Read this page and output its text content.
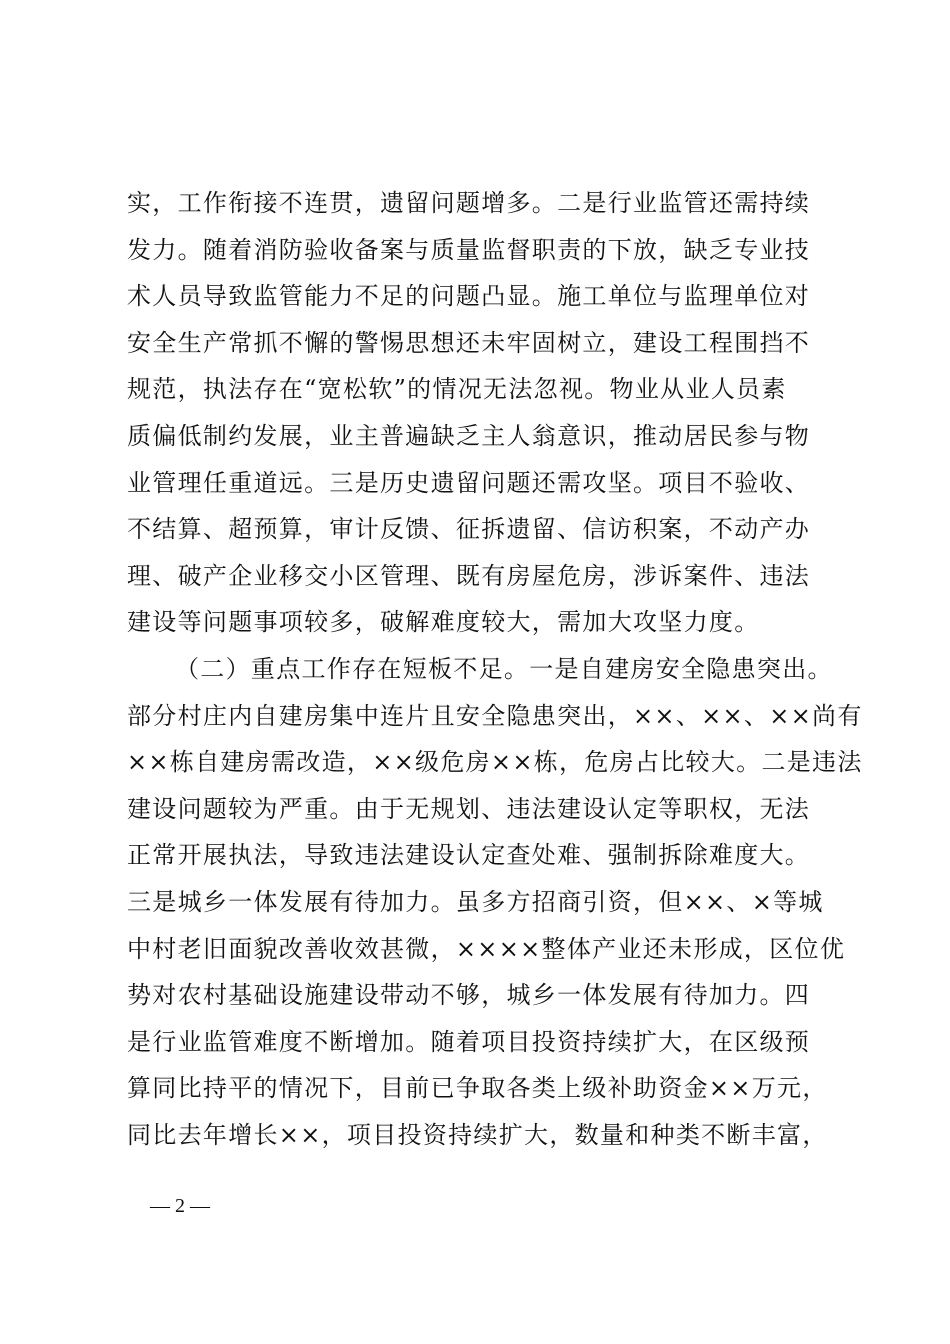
实，工作衔接不连贯，遗留问题增多。二是行业监管还需持续
发力。随着消防验收备案与质量监督职责的下放，缺乏专业技
术人员导致监管能力不足的问题凸显。施工单位与监理单位对
安全生产常抓不懈的警惕思想还未牢固树立，建设工程围挡不
规范，执法存在“宽松软”的情况无法忽视。物业从业人员素
质偏低制约发展，业主普遍缺乏主人翁意识，推动居民参与物
业管理任重道远。三是历史遗留问题还需攻坚。项目不验收、
不结算、超预算，审计反馈、征拆遗留、信访积案，不动产办
理、破产企业移交小区管理、既有房屋危房，涉诉案件、违法
建设等问题事项较多，破解难度较大，需加大攻坚力度。
（二）重点工作存在短板不足。一是自建房安全隐患突出。
部分村庄内自建房集中连片且安全隐患突出，××、××、××尚有
××栋自建房需改造，××级危房××栋，危房占比较大。二是违法
建设问题较为严重。由于无规划、违法建设认定等职权，无法
正常开展执法，导致违法建设认定查处难、强制拆除难度大。
三是城乡一体发展有待加力。虽多方招商引资，但××、×等城
中村老旧面貌改善收效甚微，××××整体产业还未形成，区位优
势对农村基础设施建设带动不够，城乡一体发展有待加力。四
是行业监管难度不断增加。随着项目投资持续扩大，在区级预
算同比持平的情况下，目前已争取各类上级补助资金××万元，
同比去年增长××，项目投资持续扩大，数量和种类不断丰富，
— 2 —
